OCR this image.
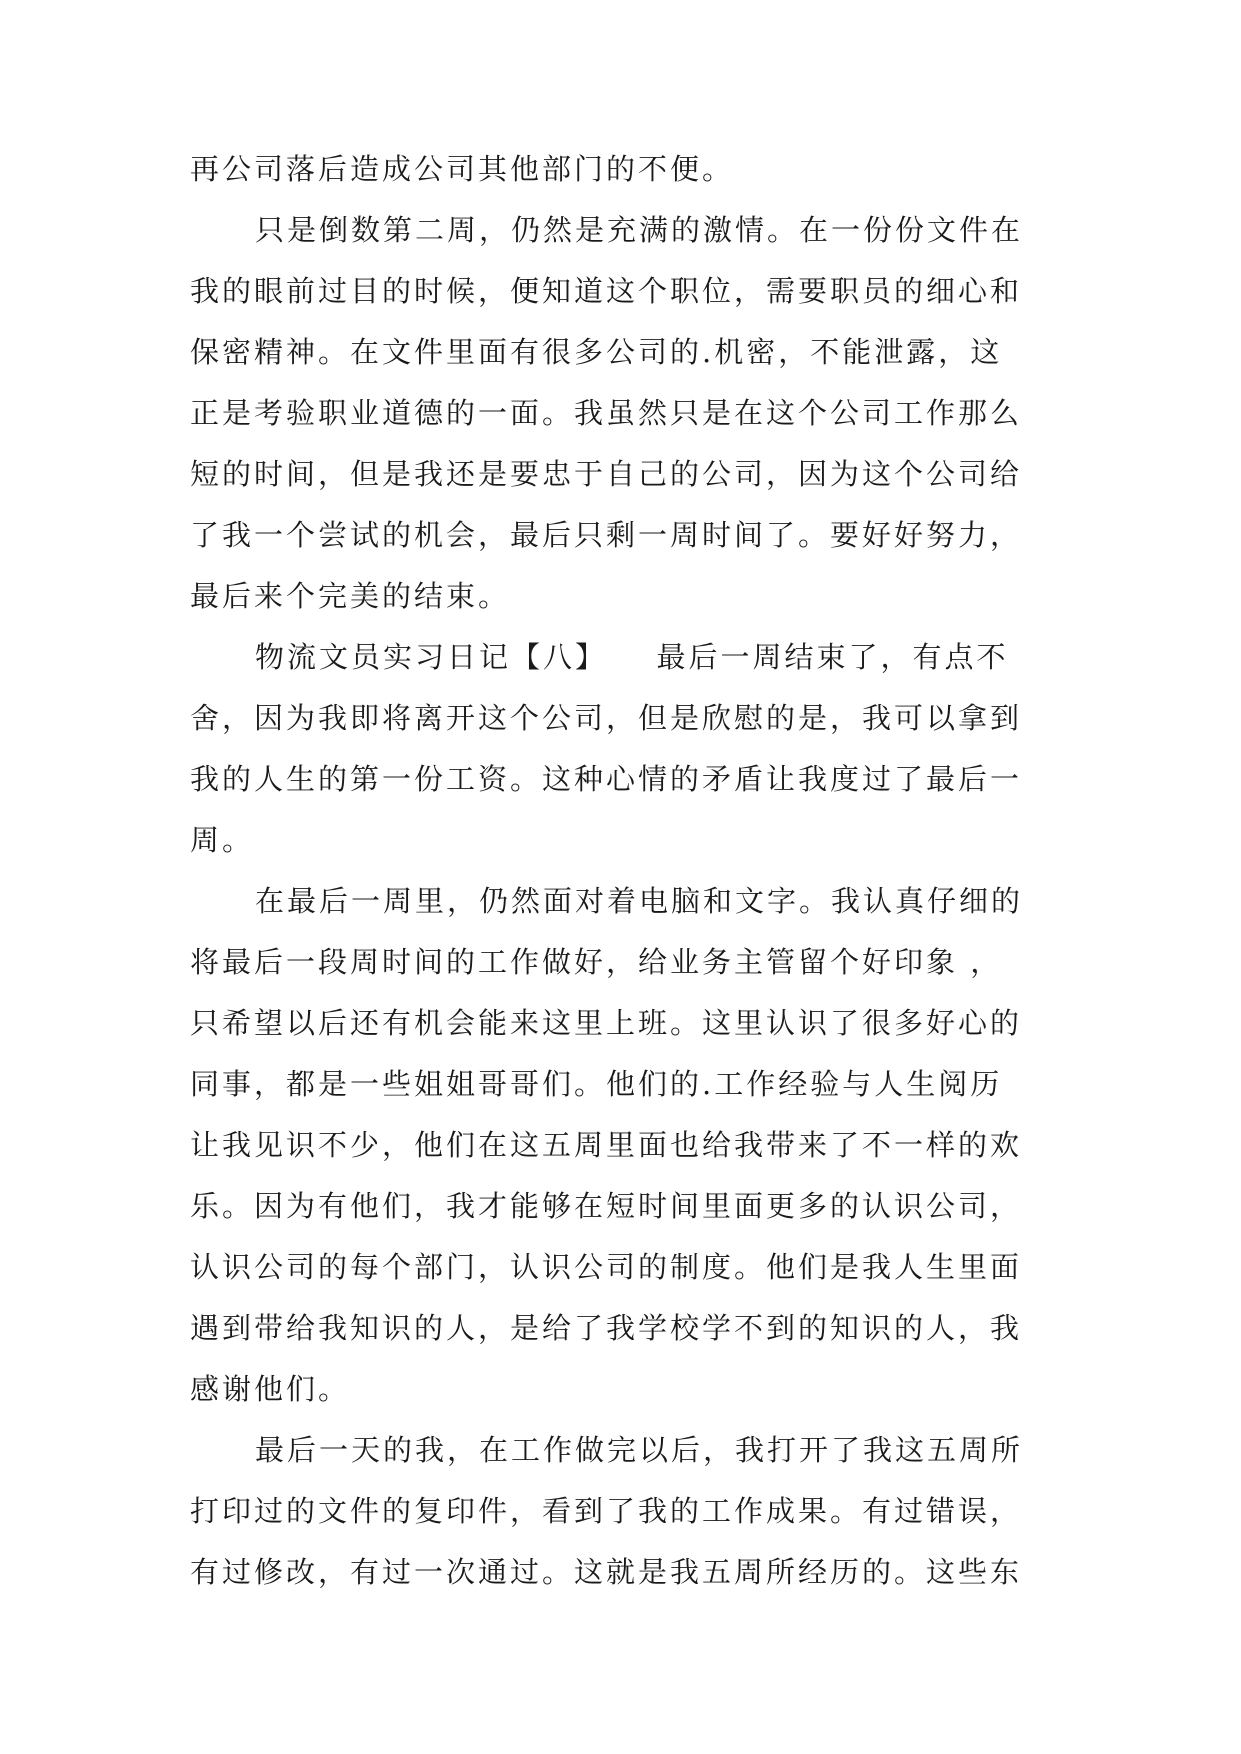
再公司落后造成公司其他部门的不便。
只是倒数第二周，仍然是充满的激情。在一份份文件在
我的眼前过目的时候，便知道这个职位，需要职员的细心和
保密精神。在文件里面有很多公司的.机密，不能泄露，这
正是考验职业道德的一面。我虽然只是在这个公司工作那么
短的时间，但是我还是要忠于自己的公司，因为这个公司给
了我一个尝试的机会，最后只剩一周时间了。要好好努力，
最后来个完美的结束。
物流文员实习日记【八】　　最后一周结束了，有点不
舍，因为我即将离开这个公司，但是欣慰的是，我可以拿到
我的人生的第一份工资。这种心情的矛盾让我度过了最后一
周。
在最后一周里，仍然面对着电脑和文字。我认真仔细的
将最后一段周时间的工作做好，给业务主管留个好印象 ，
只希望以后还有机会能来这里上班。这里认识了很多好心的
同事，都是一些姐姐哥哥们。他们的.工作经验与人生阅历
让我见识不少，他们在这五周里面也给我带来了不一样的欢
乐。因为有他们，我才能够在短时间里面更多的认识公司，
认识公司的每个部门，认识公司的制度。他们是我人生里面
遇到带给我知识的人，是给了我学校学不到的知识的人，我
感谢他们。
最后一天的我，在工作做完以后，我打开了我这五周所
打印过的文件的复印件，看到了我的工作成果。有过错误，
有过修改，有过一次通过。这就是我五周所经历的。这些东
